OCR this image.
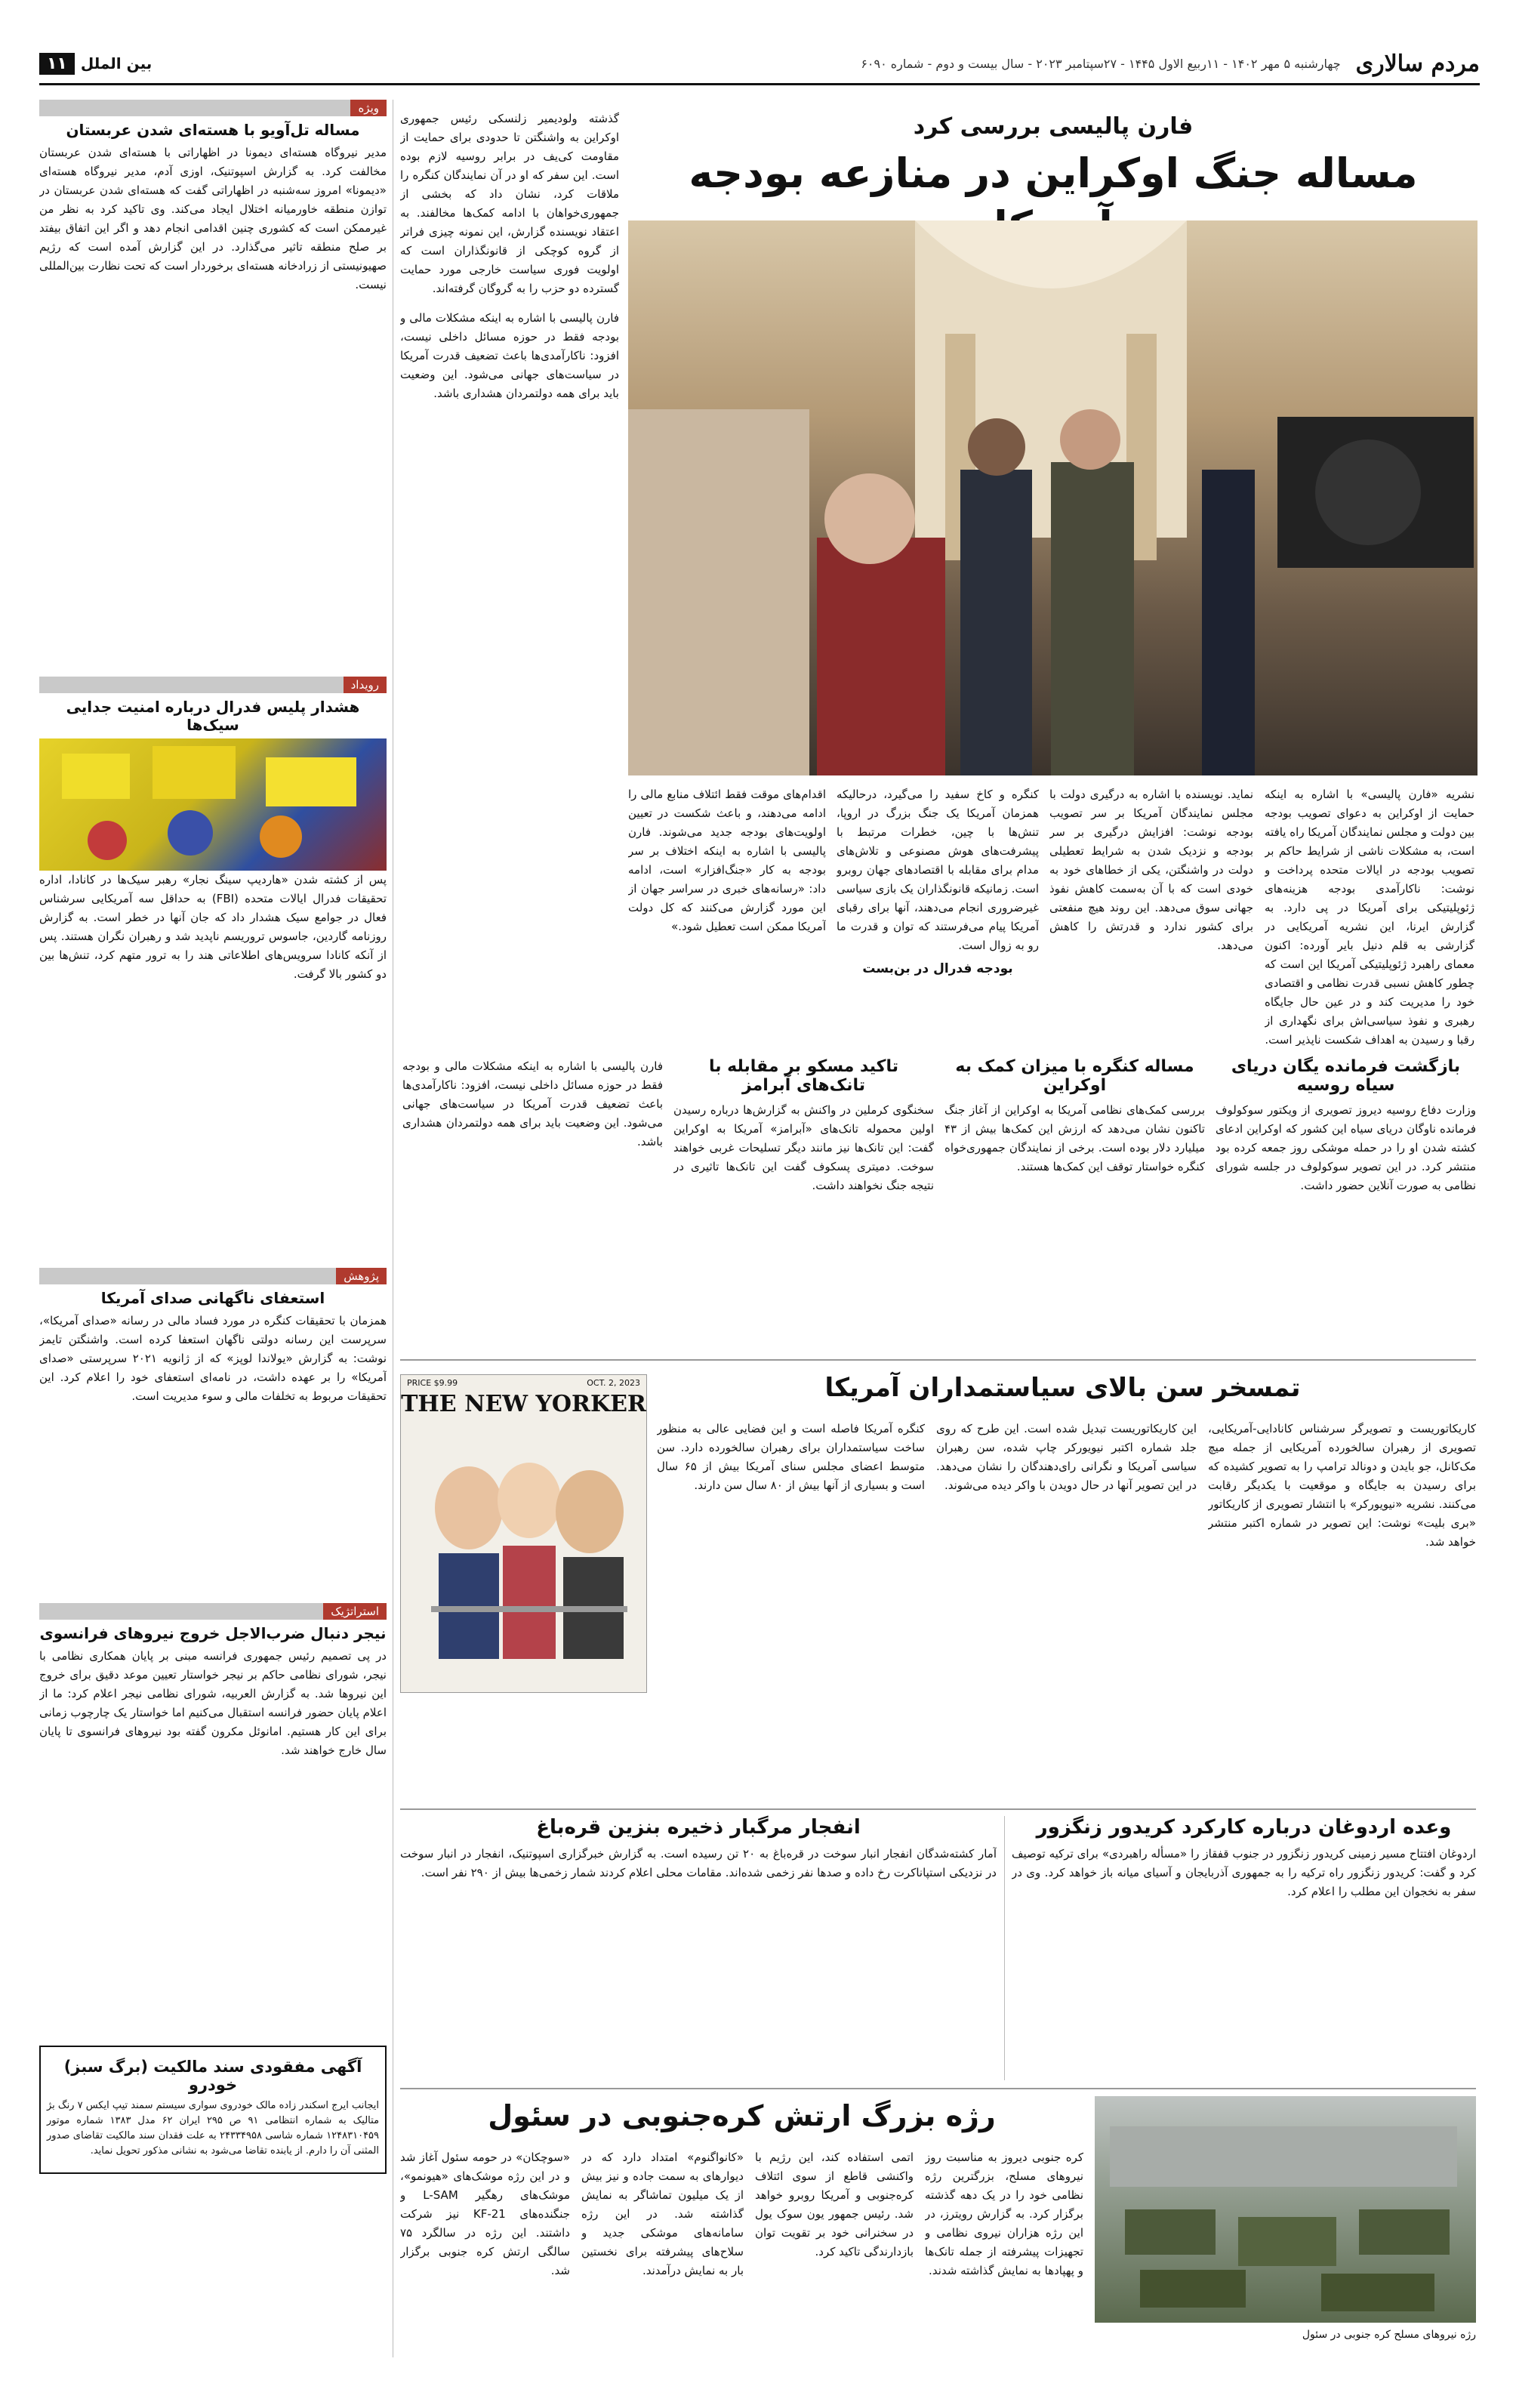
مردم سالاری
چهارشنبه ۵ مهر ۱۴۰۲ - ۱۱ربیع الاول ۱۴۴۵ - ۲۷سپتامبر ۲۰۲۳ - سال بیست و دوم - شماره ۶۰۹۰
بین الملل
۱۱
فارن پالیسی بررسی کرد
مساله جنگ اوکراین در منازعه بودجه
نشریه «فارن پالیسی» با اشاره به اینکه حمایت از اوکراین به دعوای تصویب بودجه بین دولت و مجلس نمایندگان آمریکا راه یافته است، به مشکلات ناشی از شرایط حاکم بر تصویب بودجه در ایالات متحده پرداخت و نوشت: ناکارآمدی بودجه هزینه‌های ژئوپلیتیکی برای آمریکا در پی دارد. به گزارش ایرنا، این نشریه آمریکایی در گزارشی به قلم دنیل بایر آورده: اکنون معمای راهبرد ژئوپلیتیکی آمریکا این است که چطور کاهش نسبی قدرت نظامی و اقتصادی خود را مدیریت کند و در عین حال جایگاه رهبری و نفوذ سیاسی‌اش برای نگهداری از رقبا و رسیدن به اهداف شکست ناپذیر است.
نماید. نویسنده با اشاره به درگیری دولت با مجلس نمایندگان آمریکا بر سر تصویب بودجه نوشت: افزایش درگیری بر سر بودجه و نزدیک شدن به شرایط تعطیلی دولت در واشنگتن، یکی از خطاهای خود به خودی است که با آن به‌سمت کاهش نفوذ جهانی سوق می‌دهد. این روند هیچ منفعتی برای کشور ندارد و قدرتش را کاهش می‌دهد.
کنگره و کاخ سفید را می‌گیرد، درحالیکه همزمان آمریکا یک جنگ بزرگ در اروپا، تنش‌ها با چین، خطرات مرتبط با پیشرفت‌های هوش مصنوعی و تلاش‌های مدام برای مقابله با اقتصادهای جهان روبرو است. زمانیکه قانونگذاران یک بازی سیاسی غیرضروری انجام می‌دهند، آنها برای رقبای آمریکا پیام می‌فرستند که توان و قدرت ما رو به زوال است.
بودجه فدرال در بن‌بست
اقدام‌های موقت فقط ائتلاف منابع مالی را ادامه می‌دهند، و باعث شکست در تعیین اولویت‌های بودجه جدید می‌شوند. فارن پالیسی با اشاره به اینکه اختلاف بر سر بودجه به کار «جنگ‌افزار» است، ادامه داد: «رسانه‌های خبری در سراسر جهان از این مورد گزارش می‌کنند که کل دولت آمریکا ممکن است تعطیل شود.»
گذشته ولودیمیر زلنسکی رئیس جمهوری اوکراین به واشنگتن تا حدودی برای حمایت از مقاومت کی‌یف در برابر روسیه لازم بوده است. این سفر که او در آن نمایندگان کنگره را ملاقات کرد، نشان داد که بخشی از جمهوری‌خواهان با ادامه کمک‌ها مخالفند. به اعتقاد نویسنده گزارش، این نمونه چیزی فراتر از گروه کوچکی از قانونگذاران است که اولویت فوری سیاست خارجی مورد حمایت گسترده دو حزب را به گروگان گرفته‌اند.
فارن پالیسی با اشاره به اینکه مشکلات مالی و بودجه فقط در حوزه مسائل داخلی نیست، افزود: ناکارآمدی‌ها باعث تضعیف قدرت آمریکا در سیاست‌های جهانی می‌شود. این وضعیت باید برای همه دولتمردان هشداری باشد.
ویژه
مساله تل‌آویو با هسته‌ای شدن عربستان
مدیر نیروگاه هسته‌ای دیمونا در اظهاراتی با هسته‌ای شدن عربستان مخالفت کرد. به گزارش اسپوتنیک، اوزی آدم، مدیر نیروگاه هسته‌ای «دیمونا» امروز سه‌شنبه در اظهاراتی گفت که هسته‌ای شدن عربستان در توازن منطقه خاورمیانه اختلال ایجاد می‌کند. وی تاکید کرد به نظر من غیرممکن است که کشوری چنین اقدامی انجام دهد و اگر این اتفاق بیفتد بر صلح منطقه تاثیر می‌گذارد. در این گزارش آمده است که رژیم صهیونیستی از زرادخانه هسته‌ای برخوردار است که تحت نظارت بین‌المللی نیست.
رویداد
هشدار پلیس فدرال درباره امنیت جدایی سیک‌ها
پس از کشته شدن «هاردیپ سینگ نجار» رهبر سیک‌ها در کانادا، اداره تحقیقات فدرال ایالات متحده (FBI) به حداقل سه آمریکایی سرشناس فعال در جوامع سیک هشدار داد که جان آنها در خطر است. به گزارش روزنامه گاردین، جاسوس تروریسم ناپدید شد و رهبران نگران هستند. پس از آنکه کانادا سرویس‌های اطلاعاتی هند را به ترور متهم کرد، تنش‌ها بین دو کشور بالا گرفت.
پژوهش
استعفای ناگهانی صدای آمریکا
همزمان با تحقیقات کنگره در مورد فساد مالی در رسانه «صدای آمریکا»، سرپرست این رسانه دولتی ناگهان استعفا کرده است. واشنگتن تایمز نوشت: به گزارش «یولاندا لوپز» که از ژانویه ۲۰۲۱ سرپرستی «صدای آمریکا» را بر عهده داشت، در نامه‌ای استعفای خود را اعلام کرد. این تحقیقات مربوط به تخلفات مالی و سوء مدیریت است.
استراتژیک
نیجر دنبال ضرب‌الاجل خروج نیروهای فرانسوی
در پی تصمیم رئیس جمهوری فرانسه مبنی بر پایان همکاری نظامی با نیجر، شورای نظامی حاکم بر نیجر خواستار تعیین موعد دقیق برای خروج این نیروها شد. به گزارش العربیه، شورای نظامی نیجر اعلام کرد: ما از اعلام پایان حضور فرانسه استقبال می‌کنیم اما خواستار یک چارچوب زمانی برای این کار هستیم. امانوئل مکرون گفته بود نیروهای فرانسوی تا پایان سال خارج خواهند شد.
آگهی مفقودی سند مالکیت (برگ سبز) خودرو
ایجانب ایرج اسکندر زاده مالک خودروی سواری سیستم سمند تیپ ایکس ۷ رنگ بژ متالیک به شماره انتظامی ۹۱ ص ۲۹۵ ایران ۶۲ مدل ۱۳۸۳ شماره موتور ۱۲۴۸۳۱۰۴۵۹ شماره شاسی ۲۴۳۳۴۹۵۸ به علت فقدان سند مالکیت تقاضای صدور المثنی آن را دارم. از یابنده تقاضا می‌شود به نشانی مذکور تحویل نماید.
بازگشت فرمانده یگان دریای سیاه روسیه
وزارت دفاع روسیه دیروز تصویری از ویکتور سوکولوف فرمانده ناوگان دریای سیاه این کشور که اوکراین ادعای کشته شدن او را در حمله موشکی روز جمعه کرده بود منتشر کرد. در این تصویر سوکولوف در جلسه شورای نظامی به صورت آنلاین حضور داشت.
مساله کنگره با میزان کمک به اوکراین
بررسی کمک‌های نظامی آمریکا به اوکراین از آغاز جنگ تاکنون نشان می‌دهد که ارزش این کمک‌ها بیش از ۴۳ میلیارد دلار بوده است. برخی از نمایندگان جمهوری‌خواه کنگره خواستار توقف این کمک‌ها هستند.
تاکید مسکو بر مقابله با تانک‌های آبرامز
سخنگوی کرملین در واکنش به گزارش‌ها درباره رسیدن اولین محموله تانک‌های «آبرامز» آمریکا به اوکراین گفت: این تانک‌ها نیز مانند دیگر تسلیحات غربی خواهند سوخت. دمیتری پسکوف گفت این تانک‌ها تاثیری در نتیجه جنگ نخواهند داشت.
فارن پالیسی با اشاره به اینکه مشکلات مالی و بودجه فقط در حوزه مسائل داخلی نیست، افزود: ناکارآمدی‌ها باعث تضعیف قدرت آمریکا در سیاست‌های جهانی می‌شود. این وضعیت باید برای همه دولتمردان هشداری باشد.
تمسخر سن بالای سیاستمداران آمریکا
کاریکاتوریست و تصویرگر سرشناس کانادایی-آمریکایی، تصویری از رهبران سالخورده آمریکایی از جمله میچ مک‌کانل، جو بایدن و دونالد ترامپ را به تصویر کشیده که برای رسیدن به جایگاه و موقعیت با یکدیگر رقابت می‌کنند. نشریه «نیویورکر» با انتشار تصویری از کاریکاتور «بری بلیت» نوشت: این تصویر در شماره اکتبر منتشر خواهد شد.
این کاریکاتوریست تبدیل شده است. این طرح که روی جلد شماره اکتبر نیویورکر چاپ شده، سن رهبران سیاسی آمریکا و نگرانی رای‌دهندگان را نشان می‌دهد. در این تصویر آنها در حال دویدن با واکر دیده می‌شوند.
کنگره آمریکا فاصله است و این فضایی عالی به منظور ساخت سیاستمداران برای رهبران سالخورده دارد. سن متوسط اعضای مجلس سنای آمریکا بیش از ۶۵ سال است و بسیاری از آنها بیش از ۸۰ سال سن دارند.
PRICE $9.99	OCT. 2, 2023
THE NEW YORKER
وعده اردوغان درباره کارکرد کریدور زنگزور
اردوغان افتتاح مسیر زمینی کریدور زنگزور در جنوب قفقاز را «مسأله راهبردی» برای ترکیه توصیف کرد و گفت: کریدور زنگزور راه ترکیه را به جمهوری آذربایجان و آسیای میانه باز خواهد کرد. وی در سفر به نخجوان این مطلب را اعلام کرد.
انفجار مرگبار ذخیره بنزین قره‌باغ
آمار کشته‌شدگان انفجار انبار سوخت در قره‌باغ به ۲۰ تن رسیده است. به گزارش خبرگزاری اسپوتنیک، انفجار در انبار سوخت در نزدیکی استپاناکرت رخ داده و صدها نفر زخمی شده‌اند. مقامات محلی اعلام کردند شمار زخمی‌ها بیش از ۲۹۰ نفر است.
رژه بزرگ ارتش کره‌جنوبی در سئول
رژه نیروهای مسلح کره جنوبی در سئول
کره جنوبی دیروز به مناسبت روز نیروهای مسلح، بزرگترین رژه نظامی خود را در یک دهه گذشته برگزار کرد. به گزارش رویترز، در این رژه هزاران نیروی نظامی و تجهیزات پیشرفته از جمله تانک‌ها و پهپادها به نمایش گذاشته شدند.
اتمی استفاده کند، این رژیم با واکنشی قاطع از سوی ائتلاف کره‌جنوبی و آمریکا روبرو خواهد شد. رئیس جمهور یون سوک یول در سخنرانی خود بر تقویت توان بازدارندگی تاکید کرد.
«کانواگنوم» امتداد دارد که در دیوارهای به سمت جاده و نیز بیش از یک میلیون تماشاگر به نمایش گذاشته شد. در این رژه سامانه‌های موشکی جدید و سلاح‌های پیشرفته برای نخستین بار به نمایش درآمدند.
«سوچکان» در حومه سئول آغاز شد و در این رژه موشک‌های «هیونمو»، موشک‌های رهگیر L-SAM و جنگنده‌های KF-21 نیز شرکت داشتند. این رژه در سالگرد ۷۵ سالگی ارتش کره جنوبی برگزار شد.
